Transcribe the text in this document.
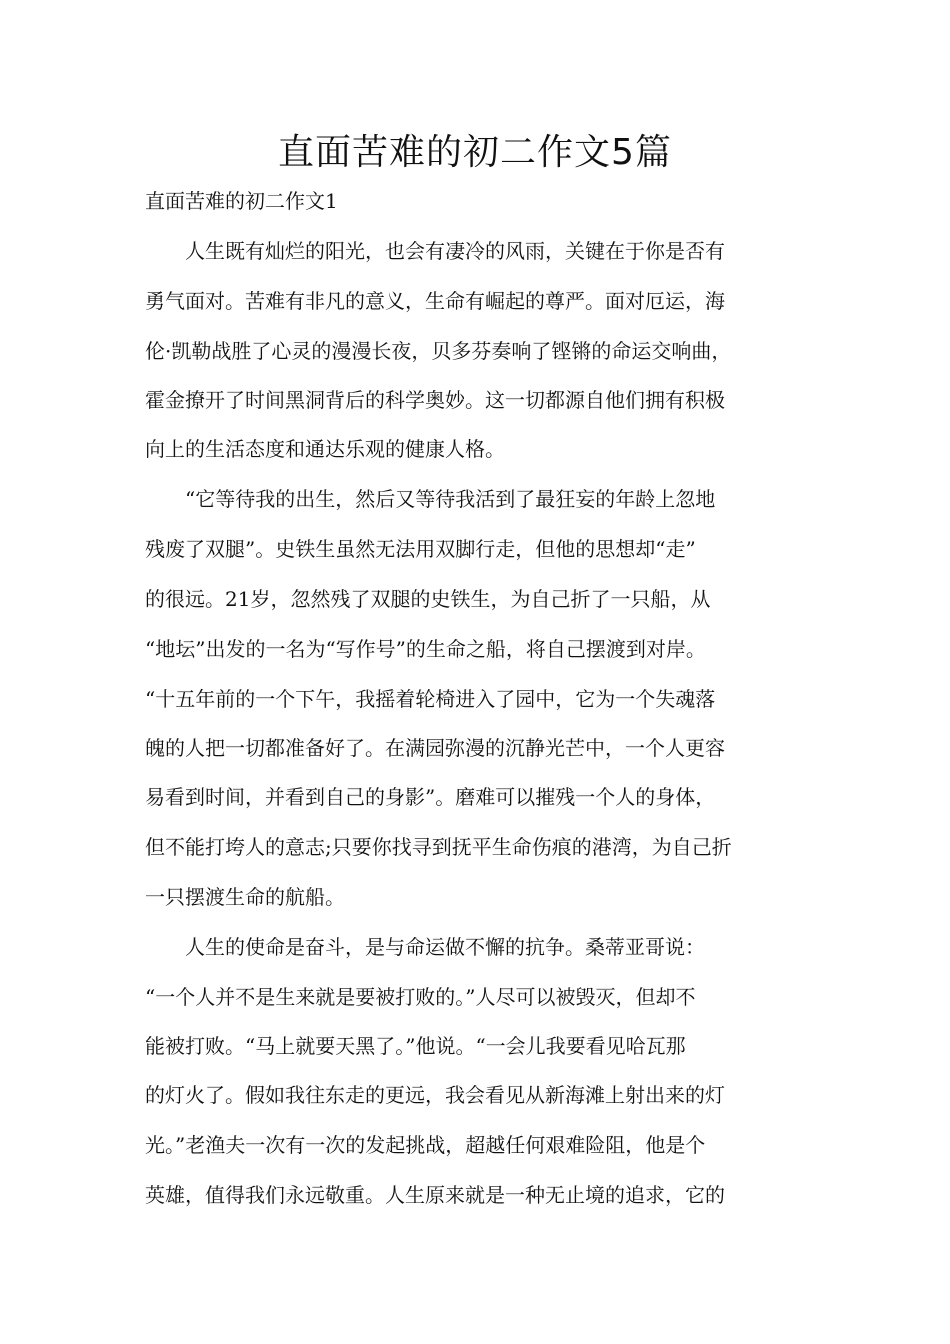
直面苦难的初二作文5篇

直面苦难的初二作文1

人生既有灿烂的阳光，也会有凄冷的风雨，关键在于你是否有

勇气面对。苦难有非凡的意义，生命有崛起的尊严。面对厄运，海

伦·凯勒战胜了心灵的漫漫长夜，贝多芬奏响了铿锵的命运交响曲，

霍金撩开了时间黑洞背后的科学奥妙。这一切都源自他们拥有积极

向上的生活态度和通达乐观的健康人格。

“它等待我的出生，然后又等待我活到了最狂妄的年龄上忽地

残废了双腿”。史铁生虽然无法用双脚行走，但他的思想却“走”

的很远。21岁，忽然残了双腿的史铁生，为自己折了一只船，从

“地坛”出发的一名为“写作号”的生命之船，将自己摆渡到对岸。

“十五年前的一个下午，我摇着轮椅进入了园中，它为一个失魂落

魄的人把一切都准备好了。在满园弥漫的沉静光芒中，一个人更容

易看到时间，并看到自己的身影”。磨难可以摧残一个人的身体，

但不能打垮人的意志;只要你找寻到抚平生命伤痕的港湾，为自己折

一只摆渡生命的航船。

人生的使命是奋斗，是与命运做不懈的抗争。桑蒂亚哥说：

“一个人并不是生来就是要被打败的。”人尽可以被毁灭，但却不

能被打败。“马上就要天黑了。”他说。“一会儿我要看见哈瓦那

的灯火了。假如我往东走的更远，我会看见从新海滩上射出来的灯

光。”老渔夫一次有一次的发起挑战，超越任何艰难险阻，他是个

英雄，值得我们永远敬重。人生原来就是一种无止境的追求，它的
